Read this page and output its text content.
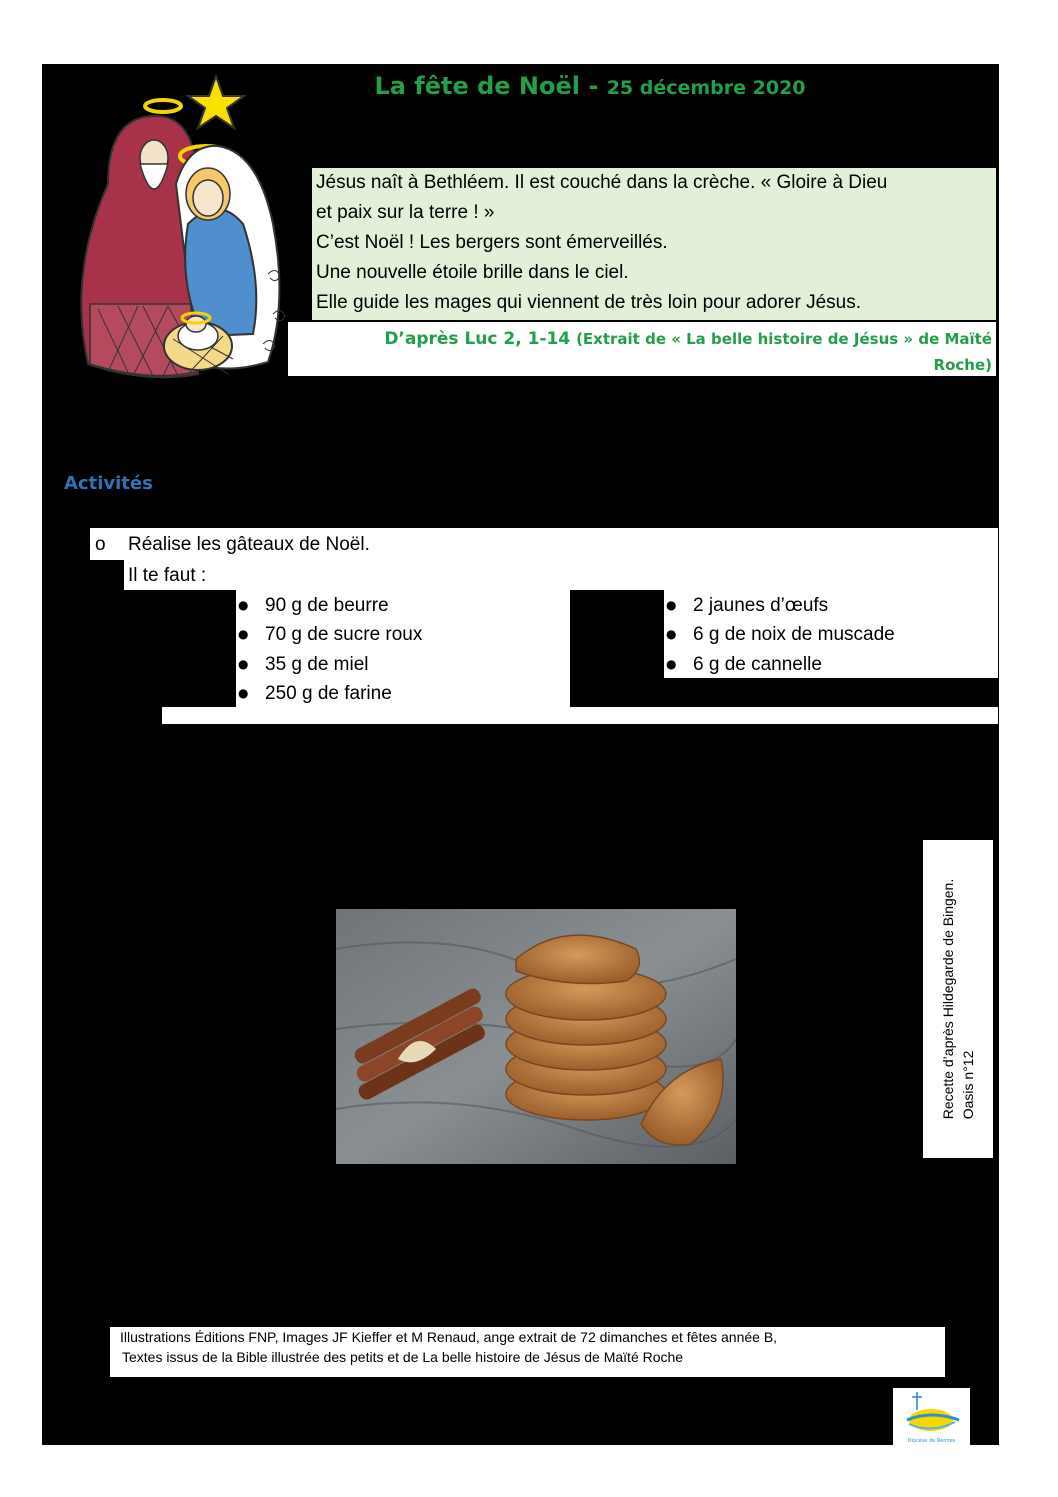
La fête de Noël - 25 décembre 2020

Jésus naît à Bethléem. Il est couché dans la crèche. « Gloire à Dieu

et paix sur la terre ! »

C’est Noël ! Les bergers sont émerveillés.

Une nouvelle étoile brille dans le ciel.

Elle guide les mages qui viennent de très loin pour adorer Jésus.

D’après Luc 2, 1-14 (Extrait de « La belle histoire de Jésus » de Maïté
Roche)
Activités
o Réalise les gâteaux de Noël.
Il te faut :
● 90 g de beurre
● 70 g de sucre roux
● 35 g de miel
● 250 g de farine
● 2 jaunes d’œufs
● 6 g de noix de muscade
● 6 g de cannelle
Recette d’après Hildegarde de Bingen. Oasis n°12

Illustrations Éditions FNP, Images JF Kieffer et M Renaud, ange extrait de 72 dimanches et fêtes année B,

Textes issus de la Bible illustrée des petits et de La belle histoire de Jésus de Maïté Roche

Diocèse de Rennes
